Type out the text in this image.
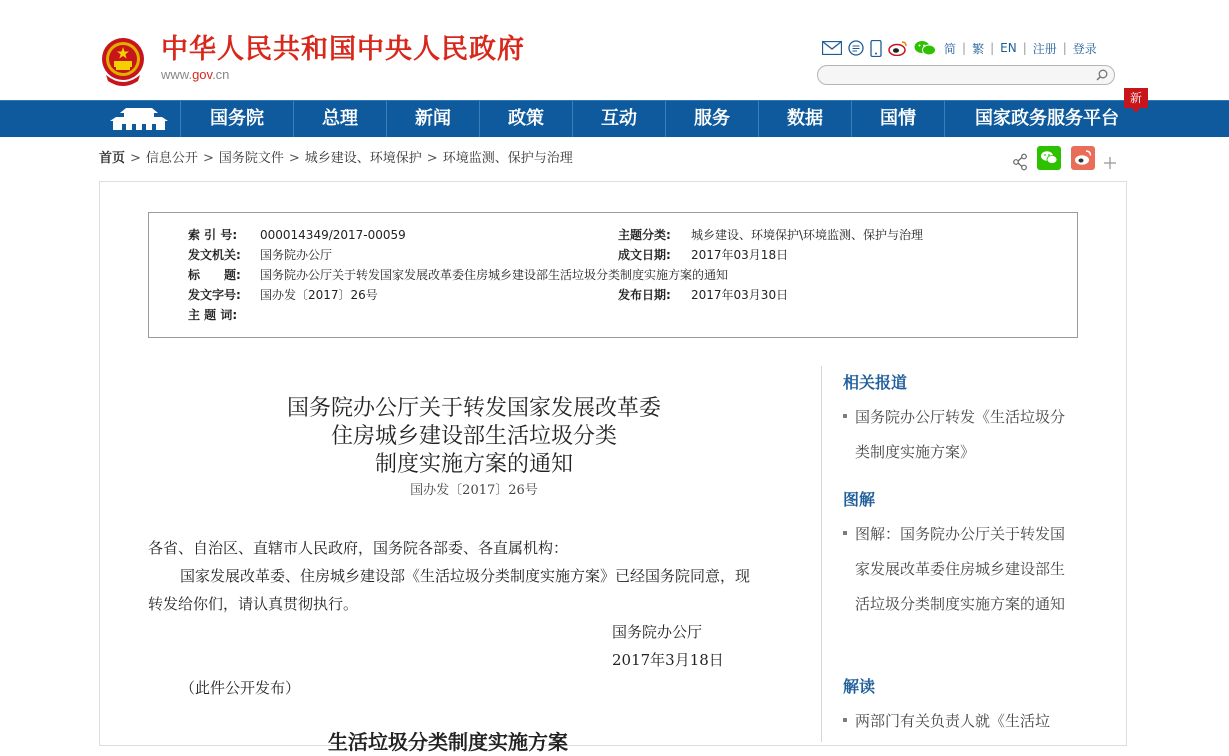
中华人民共和国中央人民政府
www.gov.cn
简 | 繁 | EN | 注册 | 登录
国务院	总理	新闻	政策	互动	服务	数据	国情	国家政务服务平台
新
首页 > 信息公开 > 国务院文件 > 城乡建设、环境保护 > 环境监测、保护与治理
索 引 号: 000014349/2017-00059	主题分类: 城乡建设、环境保护\环境监测、保护与治理
发文机关: 国务院办公厅	成文日期: 2017年03月18日
标　　题: 国务院办公厅关于转发国家发展改革委住房城乡建设部生活垃圾分类制度实施方案的通知
发文字号: 国办发〔2017〕26号	发布日期: 2017年03月30日
主 题 词:
国务院办公厅关于转发国家发展改革委
住房城乡建设部生活垃圾分类
制度实施方案的通知
国办发〔2017〕26号
各省、自治区、直辖市人民政府，国务院各部委、各直属机构：
国家发展改革委、住房城乡建设部《生活垃圾分类制度实施方案》已经国务院同意，现
转发给你们，请认真贯彻执行。
国务院办公厅
2017年3月18日
（此件公开发布）
生活垃圾分类制度实施方案
相关报道
国务院办公厅转发《生活垃圾分类制度实施方案》
图解
图解：国务院办公厅关于转发国家发展改革委住房城乡建设部生活垃圾分类制度实施方案的通知
解读
两部门有关负责人就《生活垃
